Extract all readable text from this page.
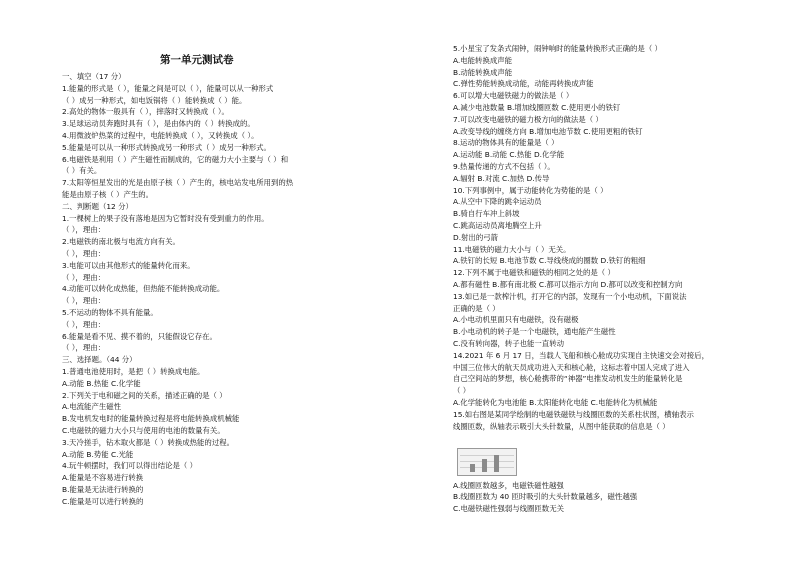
第一单元测试卷
一、填空（17 分）
1.能量的形式是（ ），能量之间是可以（ ），能量可以从一种形式
（ ）成另一种形式，如电饭锅将（ ）能转换成（ ）能。
2.高处的物体一般具有（ ），摔落时又转换成（ ）。
3.足球运动员奔跑时具有（ ），是由体内的（ ）转换成的。
4.用微波炉热菜的过程中，电能转换成（ ），又转换成（ ）。
5.能量是可以从一种形式转换成另一种形式（ ）成另一种形式。
6.电磁铁是利用（ ）产生磁性而制成的，它的磁力大小主要与（ ）和
（ ）有关。
7.太阳等恒星发出的光是由原子核（ ）产生的，核电站发电所用到的热
能是由原子核（ ）产生的。
二、判断题（12 分）
1.一棵树上的果子没有落地是因为它暂时没有受到重力的作用。
（ ），理由：
2.电磁铁的南北极与电流方向有关。
（ ），理由：
3.电能可以由其他形式的能量转化而来。
（ ），理由：
4.动能可以转化成热能，但热能不能转换成动能。
（ ），理由：
5.不运动的物体不具有能量。
（ ），理由：
6.能量是看不见、摸不着的，只能假设它存在。
（ ），理由：
三、选择题。（44 分）
1.普通电池使用时，是把（ ）转换成电能。
A.动能 B.热能 C.化学能
2.下列关于电和磁之间的关系，描述正确的是（ ）
A.电流能产生磁性
B.发电机发电时的能量转换过程是将电能转换成机械能
C.电磁铁的磁力大小只与使用的电池的数量有关。
3.天冷搓手，钻木取火都是（ ）转换成热能的过程。
A.动能 B.势能 C.光能
4.玩牛顿摆时，我们可以得出结论是（ ）
A.能量是不容易进行转换
B.能量是无法进行转换的
C.能量是可以进行转换的
5.小星宝了发条式闹钟，闹钟响时的能量转换形式正确的是（ ）
A.电能转换成声能
B.动能转换成声能
C.弹性势能转换成动能，动能再转换成声能
6.可以增大电磁铁磁力的做法是（ ）
A.减少电池数量 B.增加线圈匝数 C.使用更小的铁钉
7.可以改变电磁铁的磁力极方向的做法是（ ）
A.改变导线的缠绕方向 B.增加电池节数 C.使用更粗的铁钉
8.运动的物体具有的能量是（ ）
A.运动能 B.动能 C.热能 D.化学能
9.热量传递的方式不包括（ ）。
A.辐射 B.对流 C.加热 D.传导
10.下列事例中，属于动能转化为势能的是（ ）
A.从空中下降的跳伞运动员
B.骑自行车冲上斜坡
C.跳高运动员离地腾空上升
D.射出的弓箭
11.电磁铁的磁力大小与（ ）无关。
A.铁钉的长短 B.电池节数 C.导线绕成的圈数 D.铁钉的粗细
12.下列不属于电磁铁和磁铁的相同之处的是（ ）
A.都有磁性 B.都有南北极 C.都可以指示方向 D.都可以改变和控制方向
13.如已是一款榨汁机，打开它的内部，发现有一个小电动机，下面说法
正确的是（ ）
A.小电动机里面只有电磁铁，没有磁极
B.小电动机的转子是一个电磁铁，通电能产生磁性
C.没有转向器，转子也能一直转动
14.2021 年 6 月 17 日，当载人飞船和核心舱成功实现自主快速交会对接后，
中国三位伟大的航天员成功进入天和核心舱，这标志着中国人完成了进入
自己空间站的梦想，核心舱携带的“神器”电推发动机发生的能量转化是
（ ）
A.化学能转化为电池能 B.太阳能转化电能 C.电能转化为机械能
15.如右图是某同学绘制的电磁铁磁铁与线圈匝数的关系柱状图，横轴表示
线圈匝数，纵轴表示吸引大头针数量，从图中能获取的信息是（ ）
A.线圈匝数越多，电磁铁磁性越强
B.线圈匝数为 40 匝时吸引的大头针数量越多，磁性越强
C.电磁铁磁性强弱与线圈匝数无关
